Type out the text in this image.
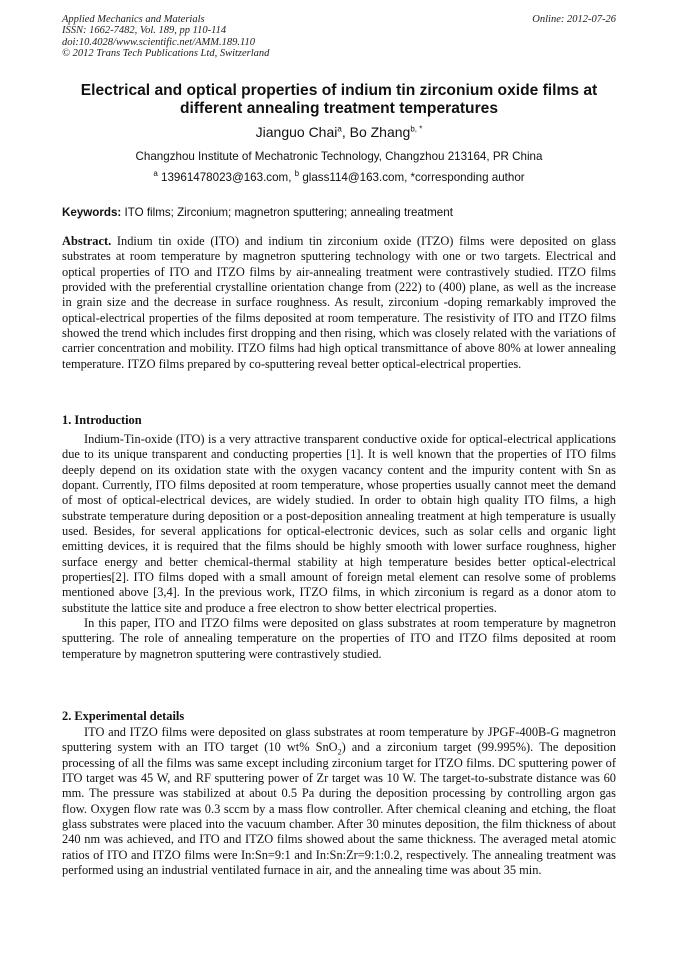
Applied Mechanics and Materials
ISSN: 1662-7482, Vol. 189, pp 110-114
doi:10.4028/www.scientific.net/AMM.189.110
© 2012 Trans Tech Publications Ltd, Switzerland
Online: 2012-07-26
Electrical and optical properties of indium tin zirconium oxide films at different annealing treatment temperatures
Jianguo Chai$^a$, Bo Zhang$^{b, *}$
Changzhou Institute of Mechatronic Technology, Changzhou 213164, PR China
$^a$ 13961478023@163.com, $^b$ glass114@163.com, *corresponding author
Keywords: ITO films; Zirconium; magnetron sputtering; annealing treatment

Abstract. Indium tin oxide (ITO) and indium tin zirconium oxide (ITZO) films were deposited on glass substrates at room temperature by magnetron sputtering technology with one or two targets. Electrical and optical properties of ITO and ITZO films by air-annealing treatment were contrastively studied. ITZO films provided with the preferential crystalline orientation change from (222) to (400) plane, as well as the increase in grain size and the decrease in surface roughness. As result, zirconium -doping remarkably improved the optical-electrical properties of the films deposited at room temperature. The resistivity of ITO and ITZO films showed the trend which includes first dropping and then rising, which was closely related with the variations of carrier concentration and mobility. ITZO films had high optical transmittance of above 80% at lower annealing temperature. ITZO films prepared by co-sputtering reveal better optical-electrical properties.

1. Introduction

Indium-Tin-oxide (ITO) is a very attractive transparent conductive oxide for optical-electrical applications due to its unique transparent and conducting properties [1]. It is well known that the properties of ITO films deeply depend on its oxidation state with the oxygen vacancy content and the impurity content with Sn as dopant. Currently, ITO films deposited at room temperature, whose properties usually cannot meet the demand of most of optical-electrical devices, are widely studied. In order to obtain high quality ITO films, a high substrate temperature during deposition or a post-deposition annealing treatment at high temperature is usually used. Besides, for several applications for optical-electronic devices, such as solar cells and organic light emitting devices, it is required that the films should be highly smooth with lower surface roughness, higher surface energy and better chemical-thermal stability at high temperature besides better optical-electrical properties[2]. ITO films doped with a small amount of foreign metal element can resolve some of problems mentioned above [3,4]. In the previous work, ITZO films, in which zirconium is regard as a donor atom to substitute the lattice site and produce a free electron to show better electrical properties.

In this paper, ITO and ITZO films were deposited on glass substrates at room temperature by magnetron sputtering. The role of annealing temperature on the properties of ITO and ITZO films deposited at room temperature by magnetron sputtering were contrastively studied.

2. Experimental details

ITO and ITZO films were deposited on glass substrates at room temperature by JPGF-400B-G magnetron sputtering system with an ITO target (10 wt% SnO$_2$) and a zirconium target (99.995%). The deposition processing of all the films was same except including zirconium target for ITZO films. DC sputtering power of ITO target was 45 W, and RF sputtering power of Zr target was 10 W. The target-to-substrate distance was 60 mm. The pressure was stabilized at about 0.5 Pa during the deposition processing by controlling argon gas flow. Oxygen flow rate was 0.3 sccm by a mass flow controller. After chemical cleaning and etching, the float glass substrates were placed into the vacuum chamber. After 30 minutes deposition, the film thickness of about 240 nm was achieved, and ITO and ITZO films showed about the same thickness. The averaged metal atomic ratios of ITO and ITZO films were In:Sn=9:1 and In:Sn:Zr=9:1:0.2, respectively. The annealing treatment was performed using an industrial ventilated furnace in air, and the annealing time was about 35 min.
